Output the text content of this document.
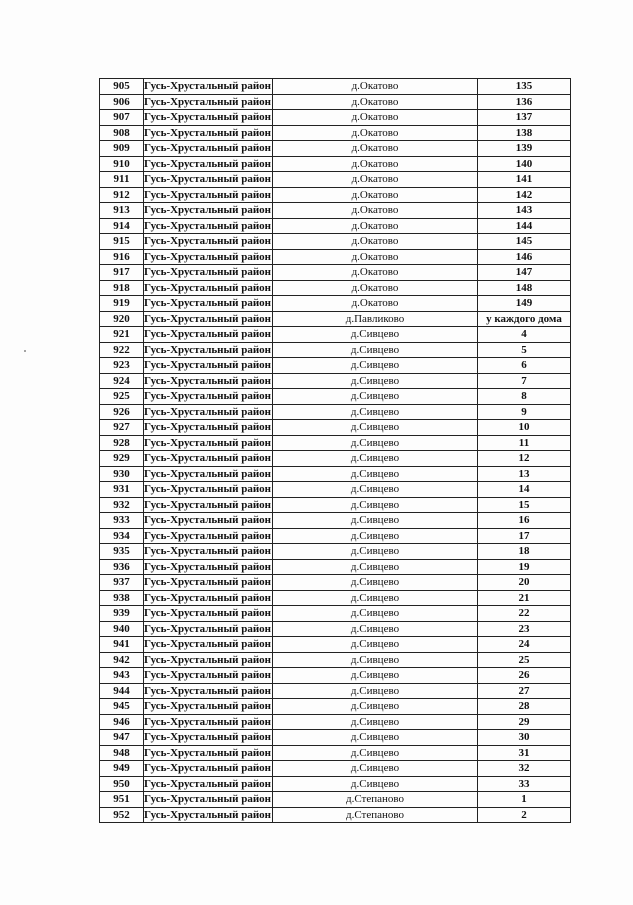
905	Гусь-Хрустальный район	д.Окатово	135
906	Гусь-Хрустальный район	д.Окатово	136
907	Гусь-Хрустальный район	д.Окатово	137
908	Гусь-Хрустальный район	д.Окатово	138
909	Гусь-Хрустальный район	д.Окатово	139
910	Гусь-Хрустальный район	д.Окатово	140
911	Гусь-Хрустальный район	д.Окатово	141
912	Гусь-Хрустальный район	д.Окатово	142
913	Гусь-Хрустальный район	д.Окатово	143
914	Гусь-Хрустальный район	д.Окатово	144
915	Гусь-Хрустальный район	д.Окатово	145
916	Гусь-Хрустальный район	д.Окатово	146
917	Гусь-Хрустальный район	д.Окатово	147
918	Гусь-Хрустальный район	д.Окатово	148
919	Гусь-Хрустальный район	д.Окатово	149
920	Гусь-Хрустальный район	д.Павликово	у каждого дома
921	Гусь-Хрустальный район	д.Сивцево	4
922	Гусь-Хрустальный район	д.Сивцево	5
923	Гусь-Хрустальный район	д.Сивцево	6
924	Гусь-Хрустальный район	д.Сивцево	7
925	Гусь-Хрустальный район	д.Сивцево	8
926	Гусь-Хрустальный район	д.Сивцево	9
927	Гусь-Хрустальный район	д.Сивцево	10
928	Гусь-Хрустальный район	д.Сивцево	11
929	Гусь-Хрустальный район	д.Сивцево	12
930	Гусь-Хрустальный район	д.Сивцево	13
931	Гусь-Хрустальный район	д.Сивцево	14
932	Гусь-Хрустальный район	д.Сивцево	15
933	Гусь-Хрустальный район	д.Сивцево	16
934	Гусь-Хрустальный район	д.Сивцево	17
935	Гусь-Хрустальный район	д.Сивцево	18
936	Гусь-Хрустальный район	д.Сивцево	19
937	Гусь-Хрустальный район	д.Сивцево	20
938	Гусь-Хрустальный район	д.Сивцево	21
939	Гусь-Хрустальный район	д.Сивцево	22
940	Гусь-Хрустальный район	д.Сивцево	23
941	Гусь-Хрустальный район	д.Сивцево	24
942	Гусь-Хрустальный район	д.Сивцево	25
943	Гусь-Хрустальный район	д.Сивцево	26
944	Гусь-Хрустальный район	д.Сивцево	27
945	Гусь-Хрустальный район	д.Сивцево	28
946	Гусь-Хрустальный район	д.Сивцево	29
947	Гусь-Хрустальный район	д.Сивцево	30
948	Гусь-Хрустальный район	д.Сивцево	31
949	Гусь-Хрустальный район	д.Сивцево	32
950	Гусь-Хрустальный район	д.Сивцево	33
951	Гусь-Хрустальный район	д.Степаново	1
952	Гусь-Хрустальный район	д.Степаново	2
